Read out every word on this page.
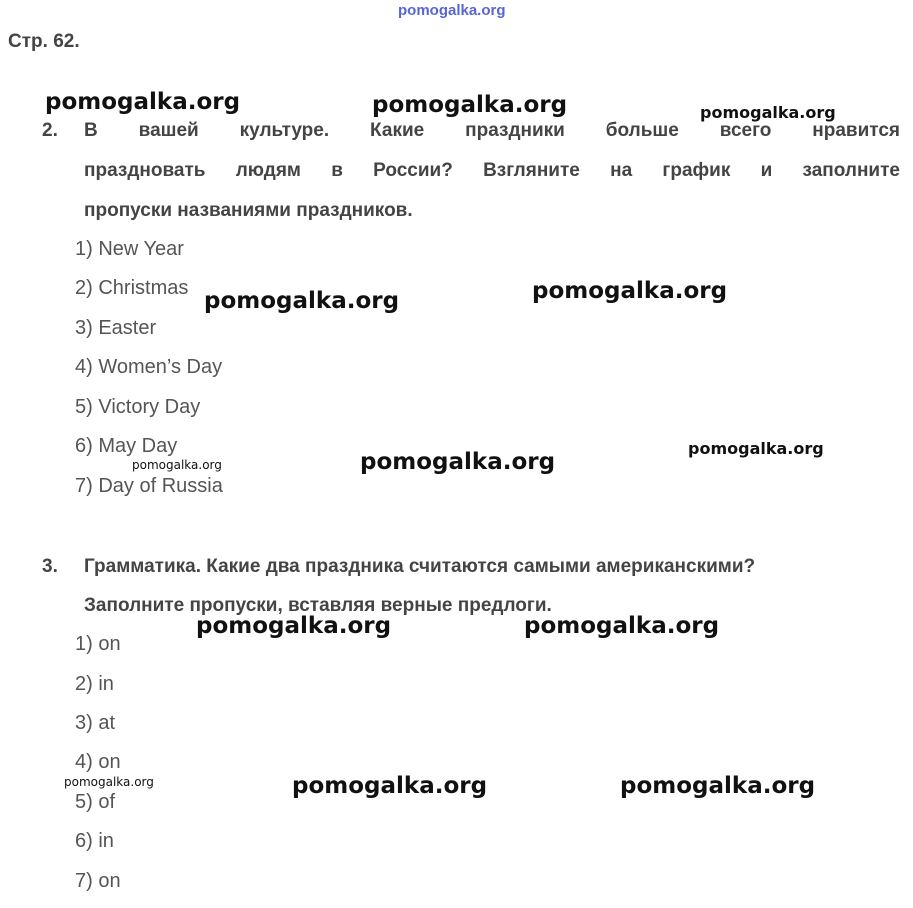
pomogalka.org
Стр. 62.
2. В вашей культуре. Какие праздники больше всего нравится
праздновать людям в России? Взгляните на график и заполните
пропуски названиями праздников.
1) New Year
2) Christmas
3) Easter
4) Women’s Day
5) Victory Day
6) May Day
7) Day of Russia
3. Грамматика. Какие два праздника считаются самыми американскими?
Заполните пропуски, вставляя верные предлоги.
1) on
2) in
3) at
4) on
5) of
6) in
7) on
pomogalka.org	pomogalka.org	pomogalka.org
pomogalka.org	pomogalka.org
pomogalka.org
pomogalka.org	pomogalka.org
pomogalka.org	pomogalka.org
pomogalka.org	pomogalka.org	pomogalka.org
